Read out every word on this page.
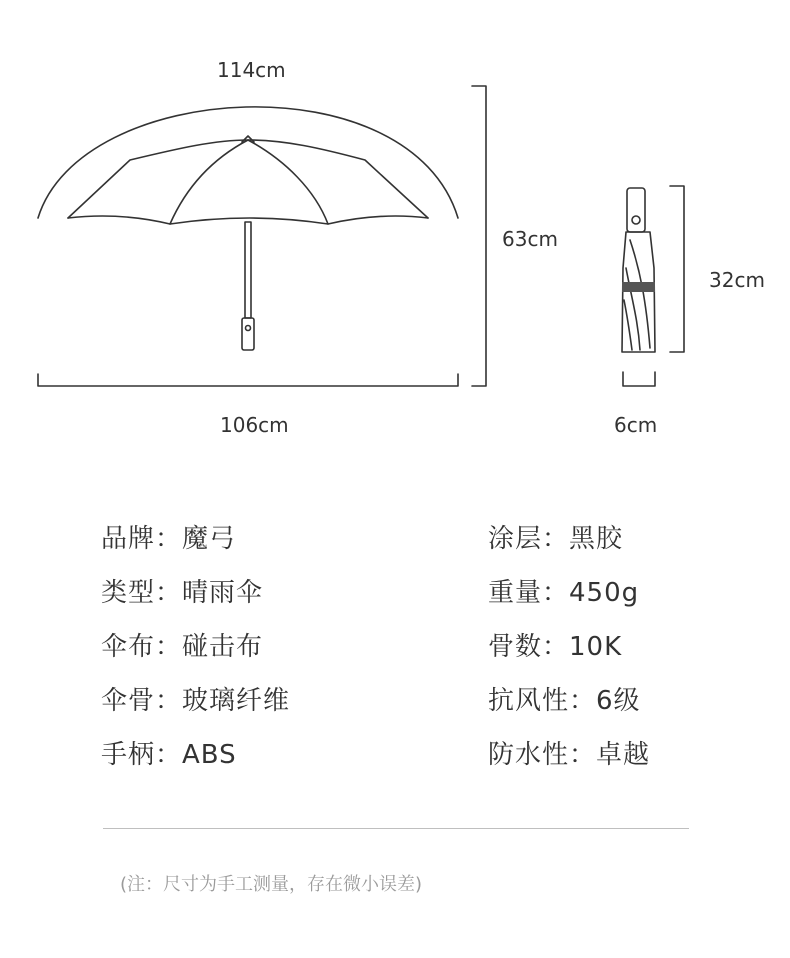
114cm
63cm
106cm
32cm
6cm
品牌：魔弓	涂层：黑胶
类型：晴雨伞	重量：450g
伞布：碰击布	骨数：10K
伞骨：玻璃纤维	抗风性：6级
手柄：ABS	防水性：卓越
(注：尺寸为手工测量，存在微小误差)
